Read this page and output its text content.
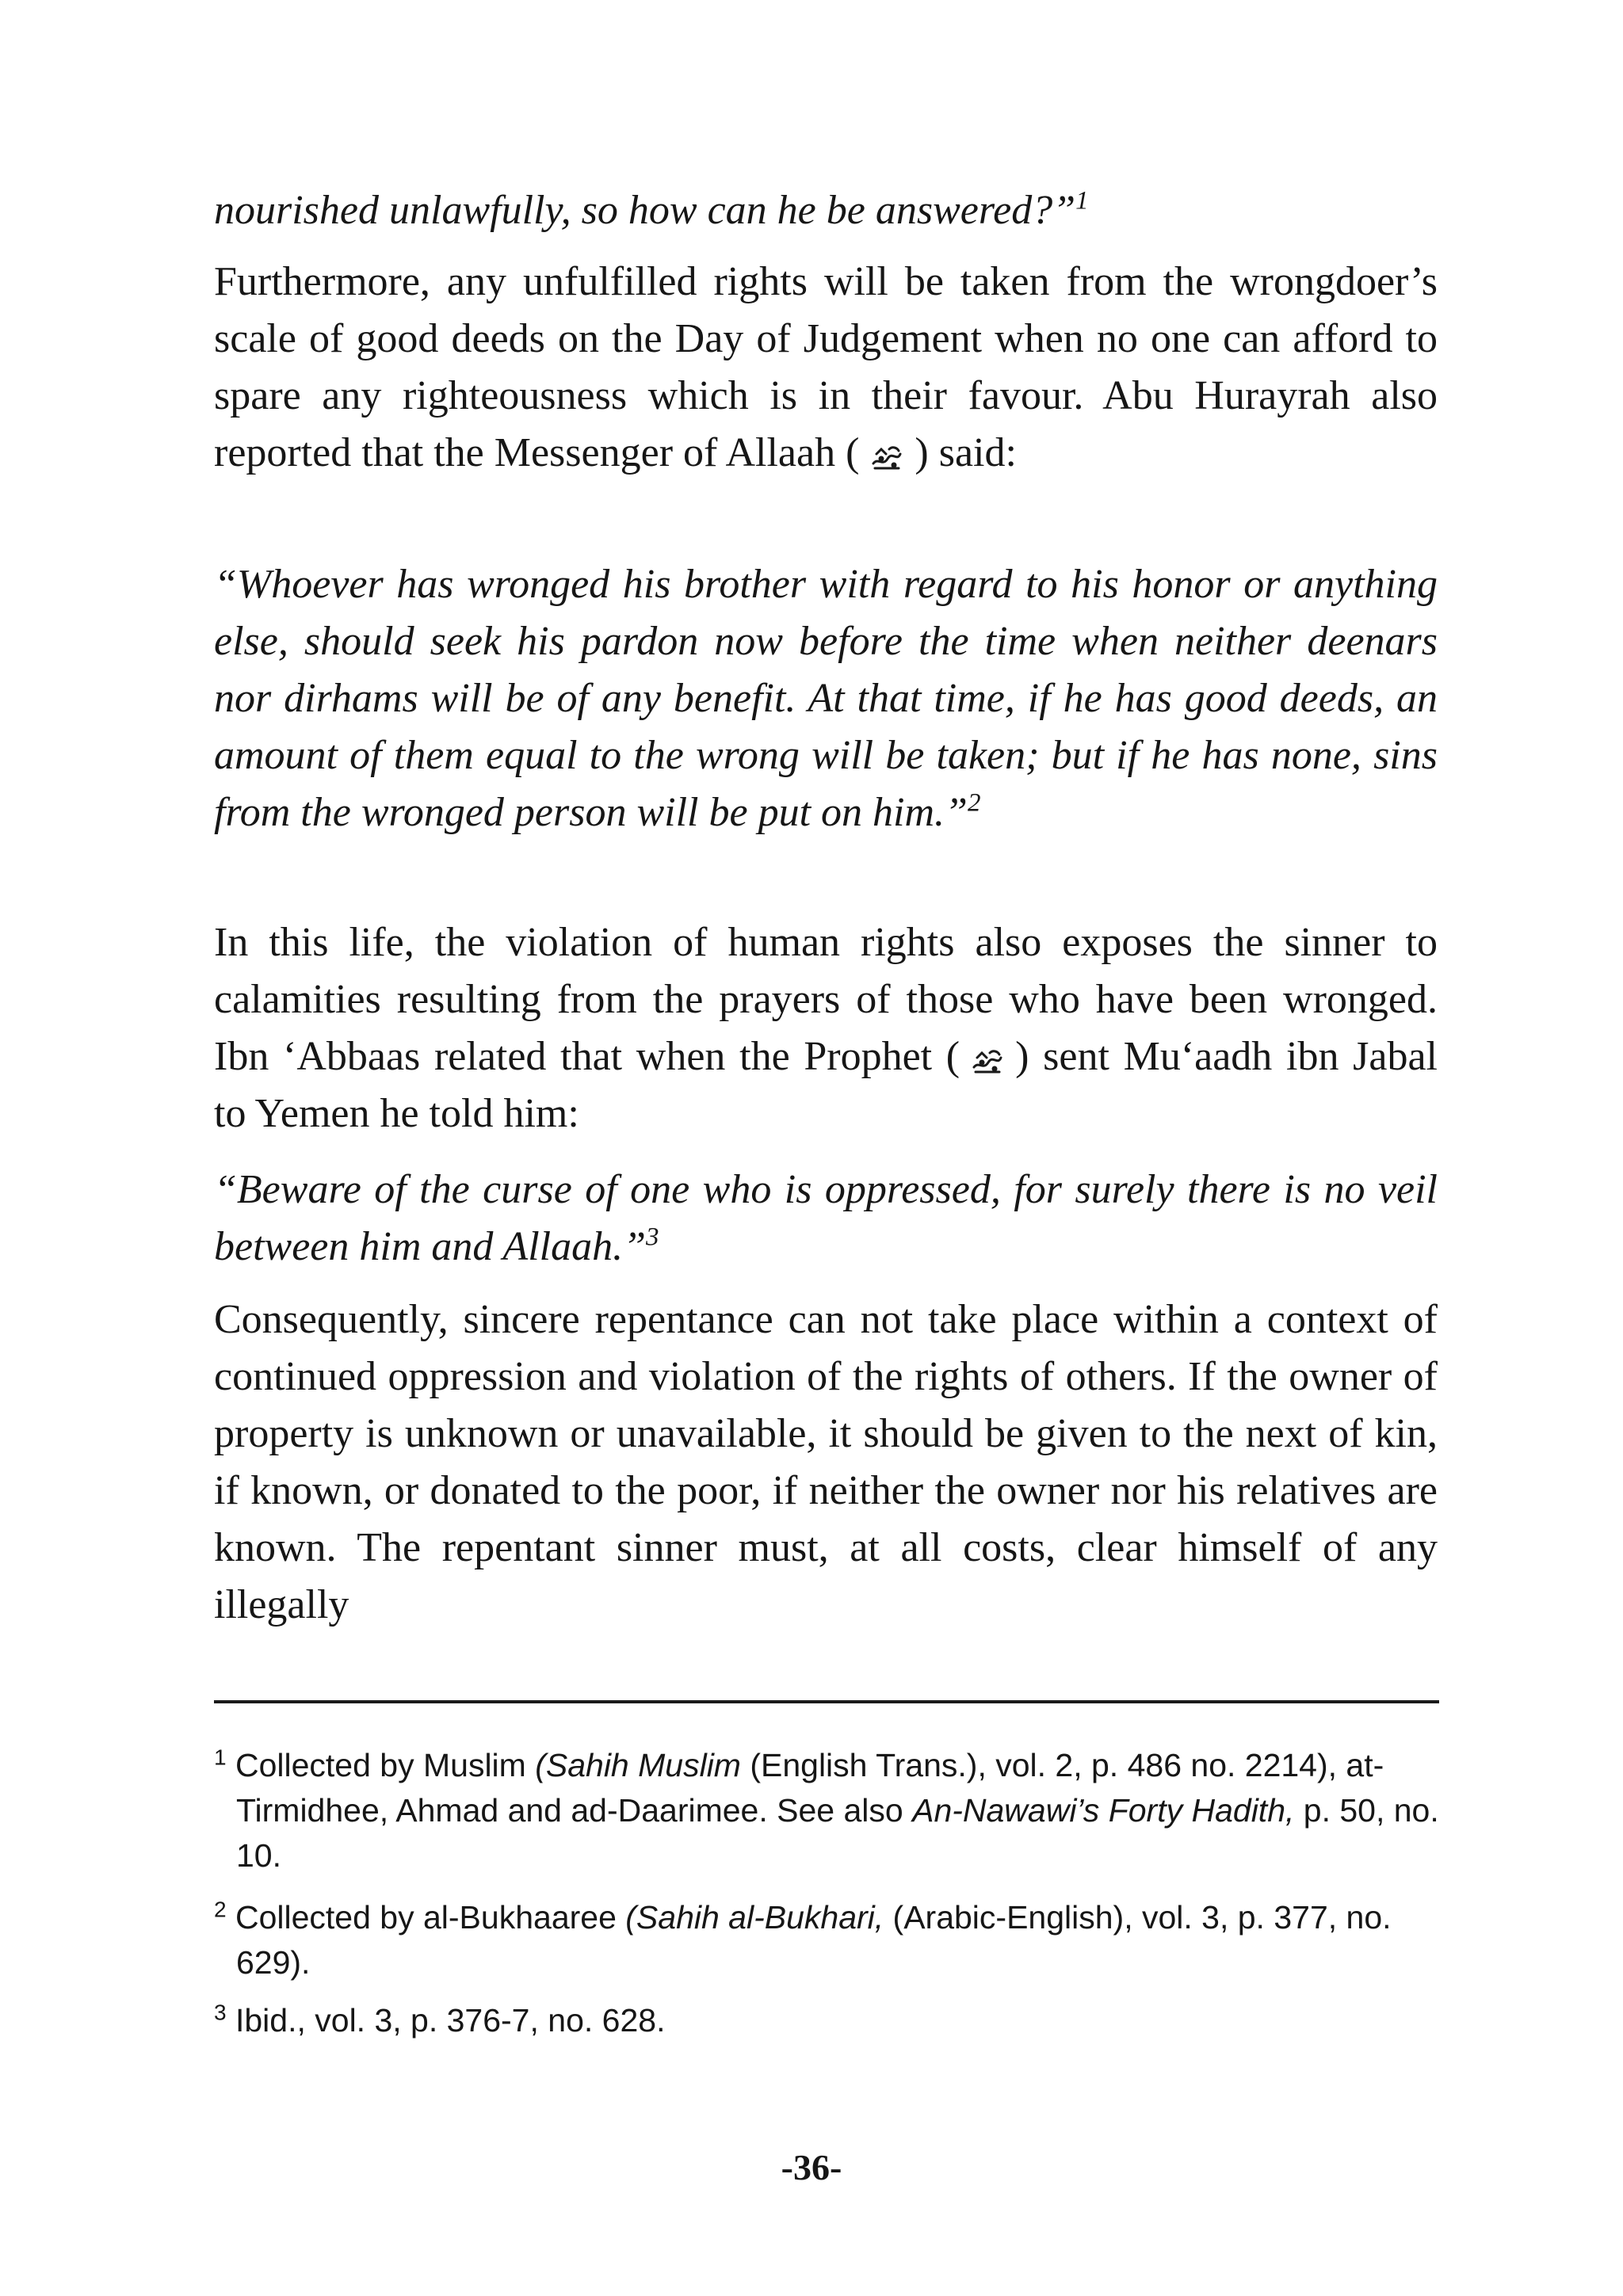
nourished unlawfully, so how can he be answered?”$^1$

Furthermore, any unfulfilled rights will be taken from the wrongdoer’s scale of good deeds on the Day of Judgement when no one can afford to spare any righteousness which is in their favour. Abu Hurayrah also reported that the Messenger of Allaah ( ) said:

“Whoever has wronged his brother with regard to his honor or anything else, should seek his pardon now before the time when neither deenars nor dirhams will be of any benefit. At that time, if he has good deeds, an amount of them equal to the wrong will be taken; but if he has none, sins from the wronged person will be put on him.”$^2$

In this life, the violation of human rights also exposes the sinner to calamities resulting from the prayers of those who have been wronged. Ibn ‘Abbaas related that when the Prophet ( ) sent Mu‘aadh ibn Jabal to Yemen he told him:

“Beware of the curse of one who is oppressed, for surely there is no veil between him and Allaah.”$^3$

Consequently, sincere repentance can not take place within a context of continued oppression and violation of the rights of others. If the owner of property is unknown or unavailable, it should be given to the next of kin, if known, or donated to the poor, if neither the owner nor his relatives are known. The repentant sinner must, at all costs, clear himself of any illegally

$^1$ Collected by Muslim (Sahih Muslim (English Trans.), vol. 2, p. 486 no. 2214), at-Tirmidhee, Ahmad and ad-Daarimee. See also An-Nawawi’s Forty Hadith, p. 50, no. 10.

$^2$ Collected by al-Bukhaaree (Sahih al-Bukhari, (Arabic-English), vol. 3, p. 377, no. 629).

$^3$ Ibid., vol. 3, p. 376-7, no. 628.

-36-
